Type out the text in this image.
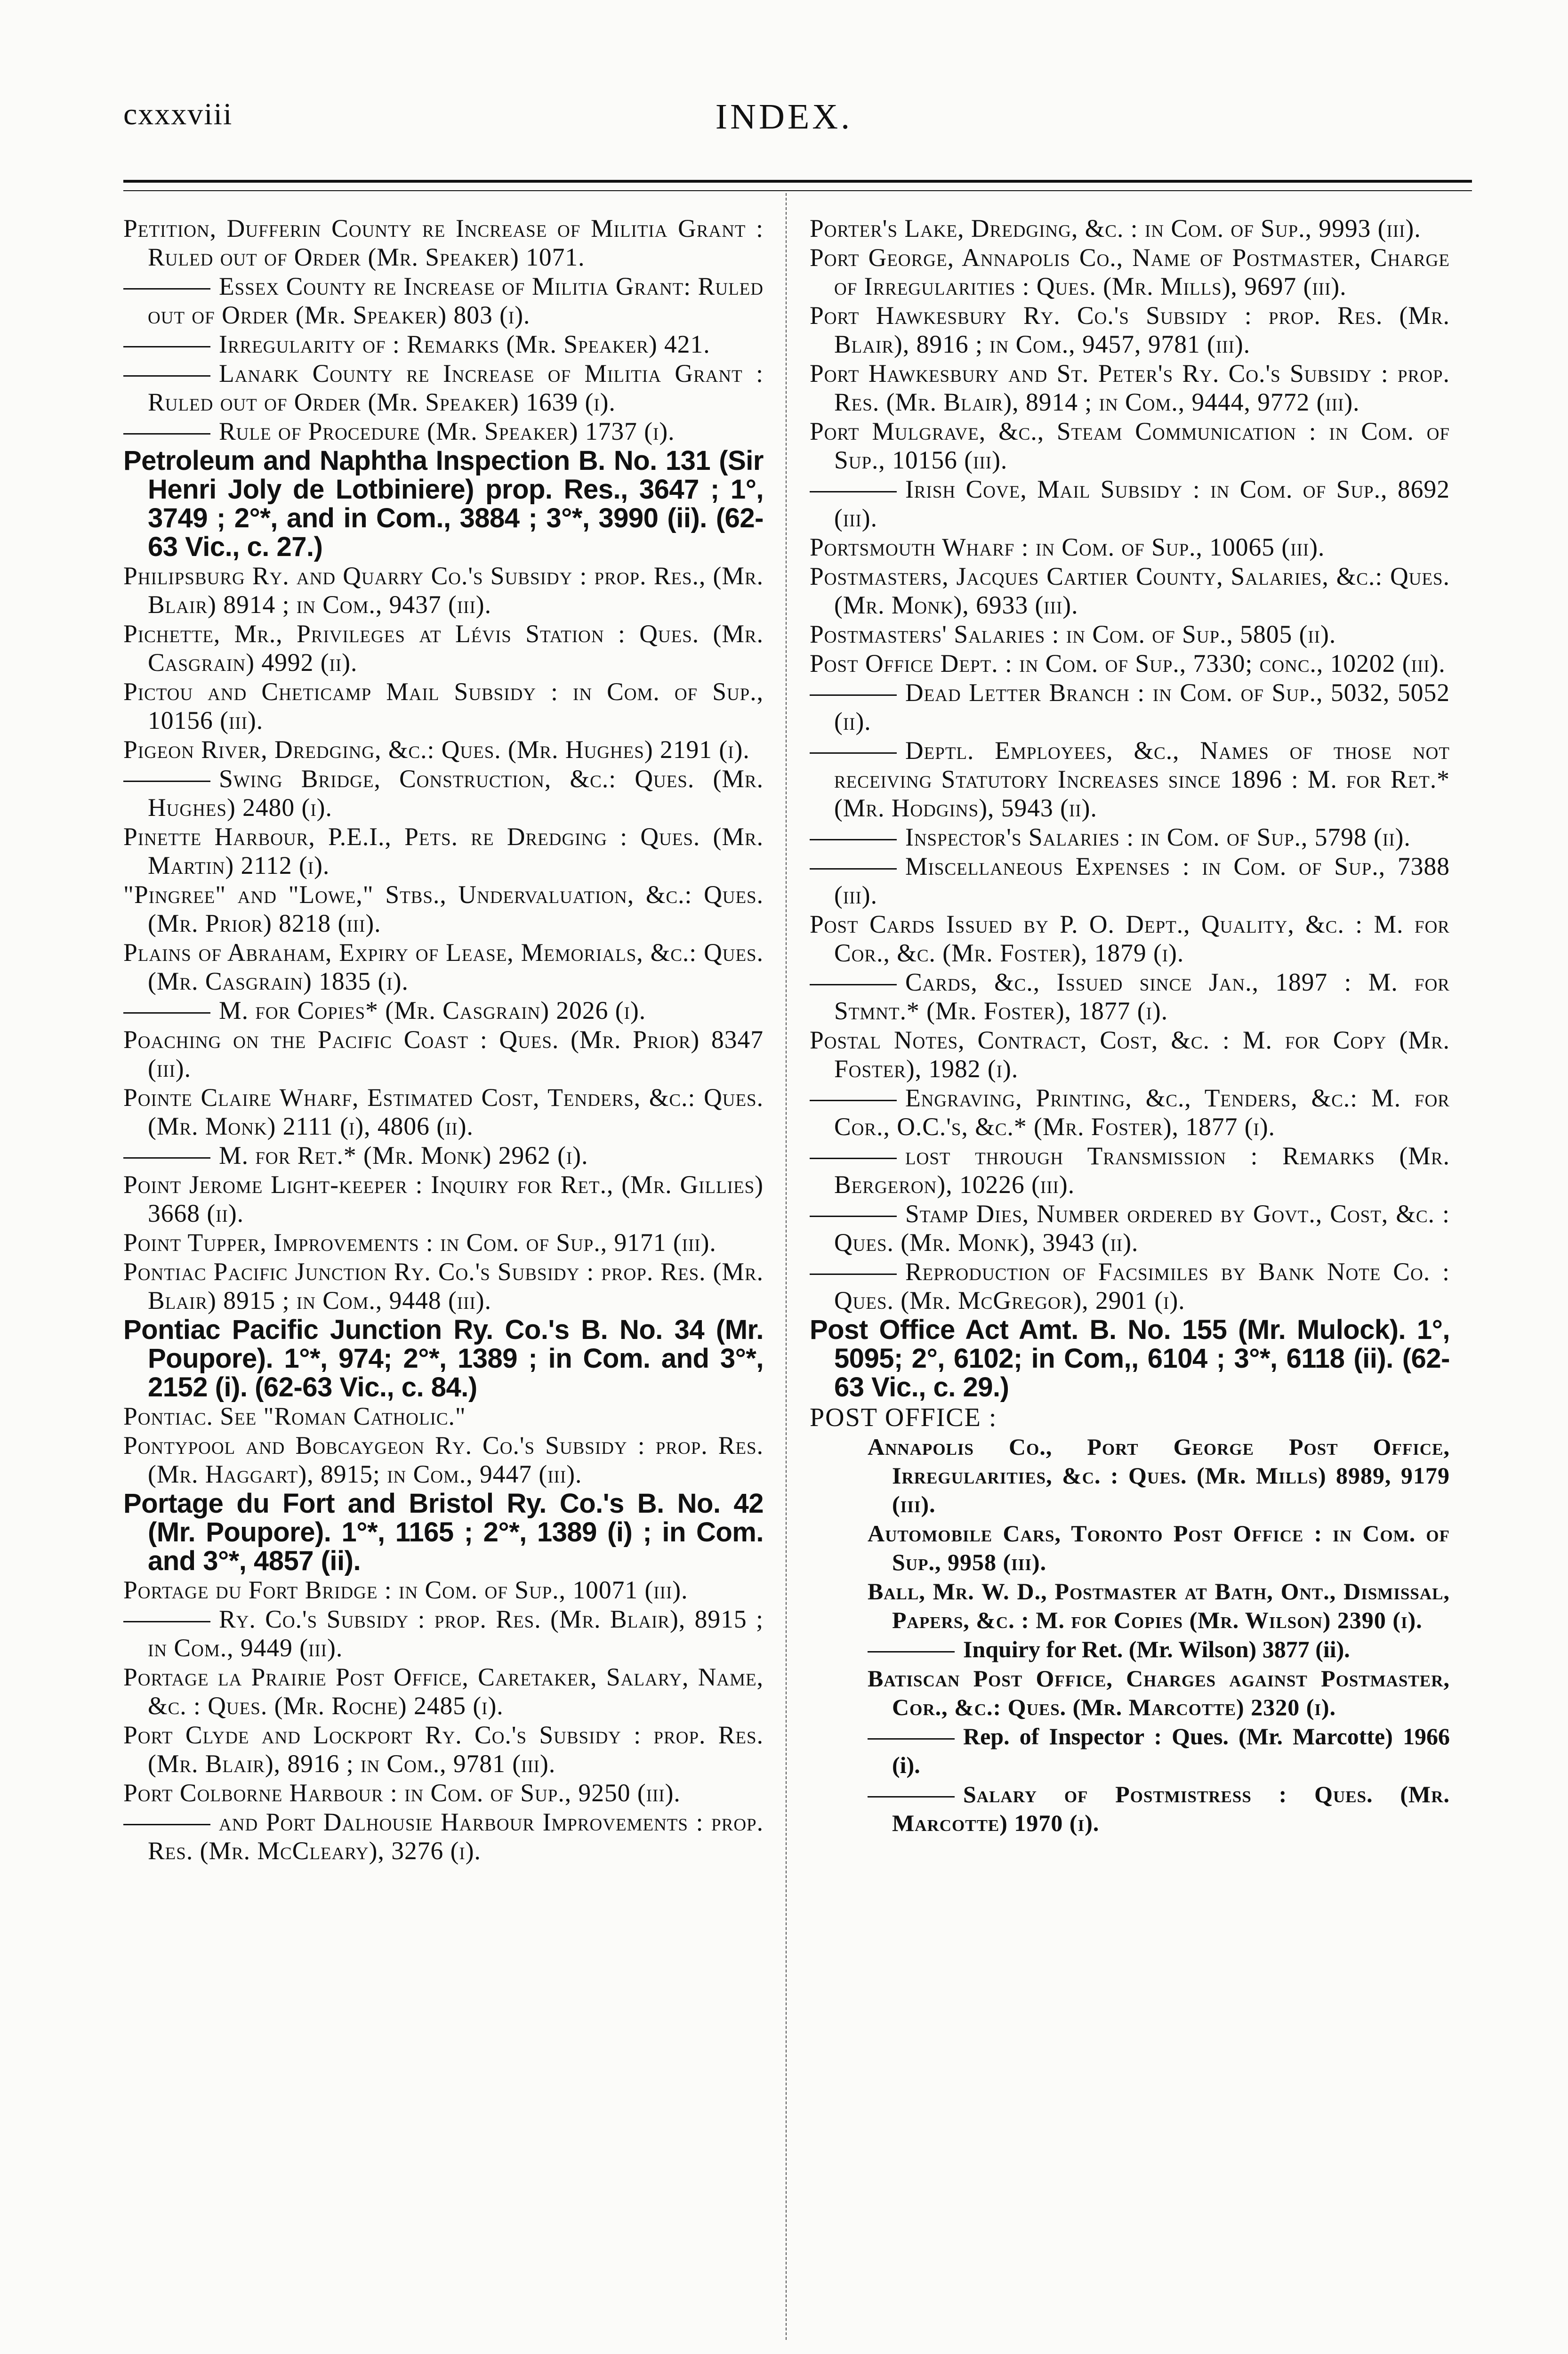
cxxxviii	INDEX.

Petition, Dufferin County re Increase of Militia Grant : Ruled out of Order (Mr. Speaker) 1071.

Essex County re Increase of Militia Grant: Ruled out of Order (Mr. Speaker) 803 (i).

Irregularity of : Remarks (Mr. Speaker) 421.

Lanark County re Increase of Militia Grant : Ruled out of Order (Mr. Speaker) 1639 (i).

Rule of Procedure (Mr. Speaker) 1737 (i).

Petroleum and Naphtha Inspection B. No. 131 (Sir Henri Joly de Lotbiniere) prop. Res., 3647 ; 1°, 3749 ; 2°*, and in Com., 3884 ; 3°*, 3990 (ii). (62-63 Vic., c. 27.)

Philipsburg Ry. and Quarry Co.'s Subsidy : prop. Res., (Mr. Blair) 8914 ; in Com., 9437 (iii).

Pichette, Mr., Privileges at Lévis Station : Ques. (Mr. Casgrain) 4992 (ii).

Pictou and Cheticamp Mail Subsidy : in Com. of Sup., 10156 (iii).

Pigeon River, Dredging, &c.: Ques. (Mr. Hughes) 2191 (i).

Swing Bridge, Construction, &c.: Ques. (Mr. Hughes) 2480 (i).

Pinette Harbour, P.E.I., Pets. re Dredging : Ques. (Mr. Martin) 2112 (i).

"Pingree" and "Lowe," Stbs., Undervaluation, &c.: Ques. (Mr. Prior) 8218 (iii).

Plains of Abraham, Expiry of Lease, Memorials, &c.: Ques. (Mr. Casgrain) 1835 (i).

M. for Copies* (Mr. Casgrain) 2026 (i).

Poaching on the Pacific Coast : Ques. (Mr. Prior) 8347 (iii).

Pointe Claire Wharf, Estimated Cost, Tenders, &c.: Ques. (Mr. Monk) 2111 (i), 4806 (ii).

M. for Ret.* (Mr. Monk) 2962 (i).

Point Jerome Light-keeper : Inquiry for Ret., (Mr. Gillies) 3668 (ii).

Point Tupper, Improvements : in Com. of Sup., 9171 (iii).

Pontiac Pacific Junction Ry. Co.'s Subsidy : prop. Res. (Mr. Blair) 8915 ; in Com., 9448 (iii).

Pontiac Pacific Junction Ry. Co.'s B. No. 34 (Mr. Poupore). 1°*, 974; 2°*, 1389 ; in Com. and 3°*, 2152 (i). (62-63 Vic., c. 84.)

Pontiac. See "Roman Catholic."

Pontypool and Bobcaygeon Ry. Co.'s Subsidy : prop. Res. (Mr. Haggart), 8915; in Com., 9447 (iii).

Portage du Fort and Bristol Ry. Co.'s B. No. 42 (Mr. Poupore). 1°*, 1165 ; 2°*, 1389 (i) ; in Com. and 3°*, 4857 (ii).

Portage du Fort Bridge : in Com. of Sup., 10071 (iii).

Ry. Co.'s Subsidy : prop. Res. (Mr. Blair), 8915 ; in Com., 9449 (iii).

Portage la Prairie Post Office, Caretaker, Salary, Name, &c. : Ques. (Mr. Roche) 2485 (i).

Port Clyde and Lockport Ry. Co.'s Subsidy : prop. Res. (Mr. Blair), 8916 ; in Com., 9781 (iii).

Port Colborne Harbour : in Com. of Sup., 9250 (iii).

and Port Dalhousie Harbour Improvements : prop. Res. (Mr. McCleary), 3276 (i).

Porter's Lake, Dredging, &c. : in Com. of Sup., 9993 (iii).

Port George, Annapolis Co., Name of Postmaster, Charge of Irregularities : Ques. (Mr. Mills), 9697 (iii).

Port Hawkesbury Ry. Co.'s Subsidy : prop. Res. (Mr. Blair), 8916 ; in Com., 9457, 9781 (iii).

Port Hawkesbury and St. Peter's Ry. Co.'s Subsidy : prop. Res. (Mr. Blair), 8914 ; in Com., 9444, 9772 (iii).

Port Mulgrave, &c., Steam Communication : in Com. of Sup., 10156 (iii).

Irish Cove, Mail Subsidy : in Com. of Sup., 8692 (iii).

Portsmouth Wharf : in Com. of Sup., 10065 (iii).

Postmasters, Jacques Cartier County, Salaries, &c.: Ques. (Mr. Monk), 6933 (iii).

Postmasters' Salaries : in Com. of Sup., 5805 (ii).

Post Office Dept. : in Com. of Sup., 7330; conc., 10202 (iii).

Dead Letter Branch : in Com. of Sup., 5032, 5052 (ii).

Deptl. Employees, &c., Names of those not receiving Statutory Increases since 1896 : M. for Ret.* (Mr. Hodgins), 5943 (ii).

Inspector's Salaries : in Com. of Sup., 5798 (ii).

Miscellaneous Expenses : in Com. of Sup., 7388 (iii).

Post Cards Issued by P. O. Dept., Quality, &c. : M. for Cor., &c. (Mr. Foster), 1879 (i).

Cards, &c., Issued since Jan., 1897 : M. for Stmnt.* (Mr. Foster), 1877 (i).

Postal Notes, Contract, Cost, &c. : M. for Copy (Mr. Foster), 1982 (i).

Engraving, Printing, &c., Tenders, &c.: M. for Cor., O.C.'s, &c.* (Mr. Foster), 1877 (i).

lost through Transmission : Remarks (Mr. Bergeron), 10226 (iii).

Stamp Dies, Number ordered by Govt., Cost, &c. : Ques. (Mr. Monk), 3943 (ii).

Reproduction of Facsimiles by Bank Note Co. : Ques. (Mr. McGregor), 2901 (i).

Post Office Act Amt. B. No. 155 (Mr. Mulock). 1°, 5095; 2°, 6102; in Com,, 6104 ; 3°*, 6118 (ii). (62-63 Vic., c. 29.)

POST OFFICE :

Annapolis Co., Port George Post Office, Irregularities, &c. : Ques. (Mr. Mills) 8989, 9179 (iii).

Automobile Cars, Toronto Post Office : in Com. of Sup., 9958 (iii).

Ball, Mr. W. D., Postmaster at Bath, Ont., Dismissal, Papers, &c. : M. for Copies (Mr. Wilson) 2390 (i).

Inquiry for Ret. (Mr. Wilson) 3877 (ii).

Batiscan Post Office, Charges against Postmaster, Cor., &c.: Ques. (Mr. Marcotte) 2320 (i).

Rep. of Inspector : Ques. (Mr. Marcotte) 1966 (i).

Salary of Postmistress : Ques. (Mr. Marcotte) 1970 (i).
